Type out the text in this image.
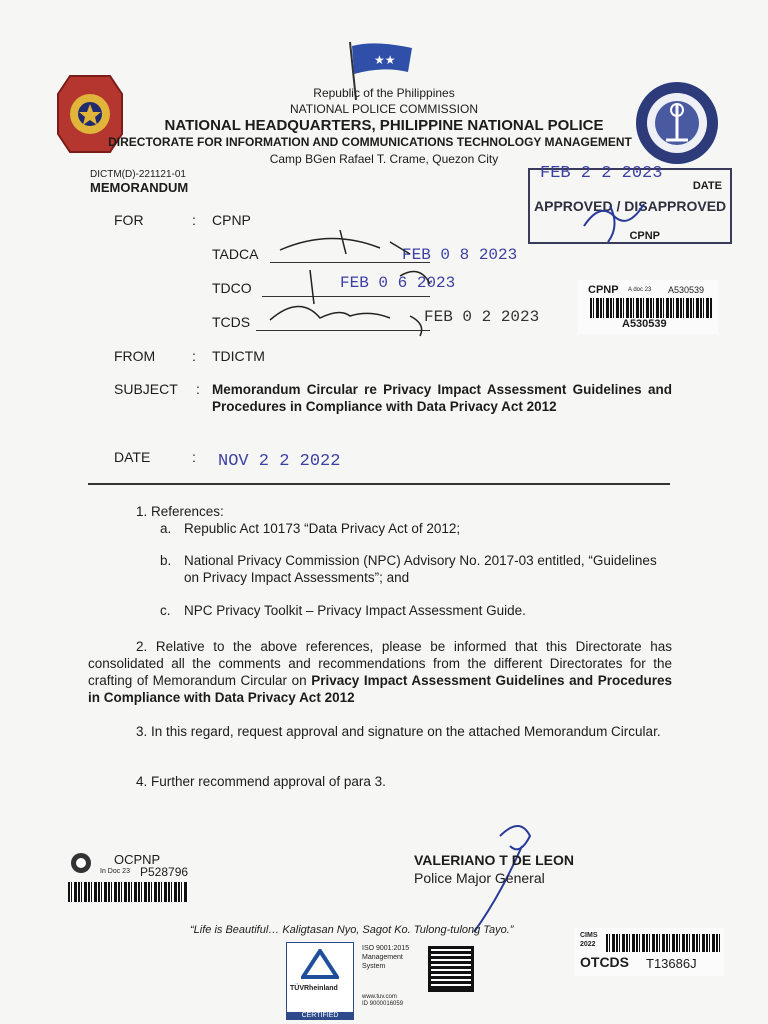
★★
Republic of the Philippines
NATIONAL POLICE COMMISSION
NATIONAL HEADQUARTERS, PHILIPPINE NATIONAL POLICE
DIRECTORATE FOR INFORMATION AND COMMUNICATIONS TECHNOLOGY MANAGEMENT
Camp BGen Rafael T. Crame, Quezon City
DICTM(D)-221121-01
MEMORANDUM
FEB 2 2 2023
DATE
APPROVED / DISAPPROVED
CPNP
CPNP A doc 23 A530539
A530539
FOR	: CPNP
TADCA	FEB 0 8 2023
TDCO	FEB 0 6 2023
TCDS	FEB 0 2 2023
FROM	: TDICTM
SUBJECT : Memorandum Circular re Privacy Impact Assessment Guidelines and Procedures in Compliance with Data Privacy Act 2012
DATE	: NOV 2 2 2022
1. References:
a. Republic Act 10173 “Data Privacy Act of 2012;
b. National Privacy Commission (NPC) Advisory No. 2017-03 entitled, “Guidelines on Privacy Impact Assessments”; and
c. NPC Privacy Toolkit – Privacy Impact Assessment Guide.
2. Relative to the above references, please be informed that this Directorate has consolidated all the comments and recommendations from the different Directorates for the crafting of Memorandum Circular on Privacy Impact Assessment Guidelines and Procedures in Compliance with Data Privacy Act 2012
3. In this regard, request approval and signature on the attached Memorandum Circular.
4. Further recommend approval of para 3.
VALERIANO T DE LEON
Police Major General
OCPNP
In Doc 23 P528796
“Life is Beautiful… Kaligtasan Nyo, Sagot Ko. Tulong-tulong Tayo.”
TÜVRheinland
CERTIFIED
ISO 9001:2015
Management
System
www.tuv.com
ID 9000016059
CIMS
2022
OTCDS T13686J
